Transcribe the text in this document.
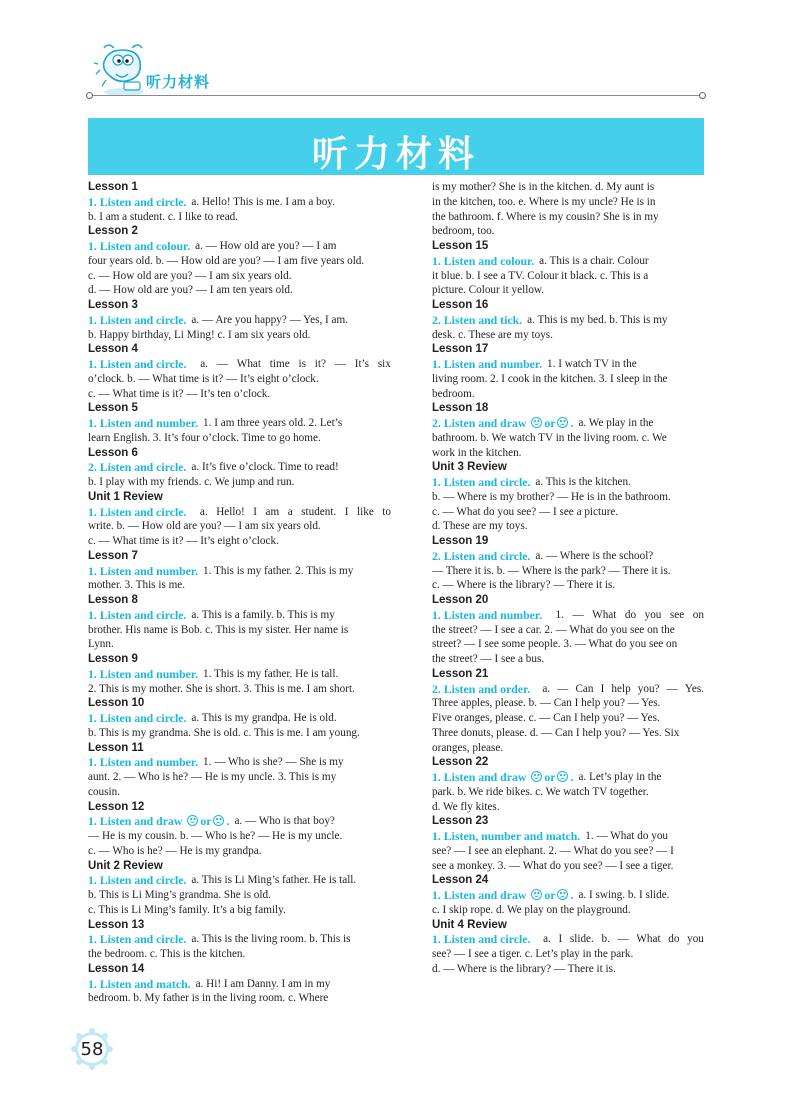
听力材料
听力材料
Lesson 1
1. Listen and circle. a. Hello! This is me. I am a boy.
b. I am a student. c. I like to read.
Lesson 2
1. Listen and colour. a. — How old are you? — I am
four years old. b. — How old are you? — I am five years old.
c. — How old are you? — I am six years old.
d. — How old are you? — I am ten years old.
Lesson 3
1. Listen and circle. a. — Are you happy? — Yes, I am.
b. Happy birthday, Li Ming! c. I am six years old.
Lesson 4
1. Listen and circle. a. — What time is it? — It’s six
o’clock. b. — What time is it? — It’s eight o’clock.
c. — What time is it? — It’s ten o’clock.
Lesson 5
1. Listen and number. 1. I am three years old. 2. Let’s
learn English. 3. It’s four o’clock. Time to go home.
Lesson 6
2. Listen and circle. a. It’s five o’clock. Time to read!
b. I play with my friends. c. We jump and run.
Unit 1 Review
1. Listen and circle. a. Hello! I am a student. I like to
write. b. — How old are you? — I am six years old.
c. — What time is it? — It’s eight o’clock.
Lesson 7
1. Listen and number. 1. This is my father. 2. This is my
mother. 3. This is me.
Lesson 8
1. Listen and circle. a. This is a family. b. This is my
brother. His name is Bob. c. This is my sister. Her name is
Lynn.
Lesson 9
1. Listen and number. 1. This is my father. He is tall.
2. This is my mother. She is short. 3. This is me. I am short.
Lesson 10
1. Listen and circle. a. This is my grandpa. He is old.
b. This is my grandma. She is old. c. This is me. I am young.
Lesson 11
1. Listen and number. 1. — Who is she? — She is my
aunt. 2. — Who is he? — He is my uncle. 3. This is my
cousin.
Lesson 12
1. Listen and draw or. a. — Who is that boy?
— He is my cousin. b. — Who is he? — He is my uncle.
c. — Who is he? — He is my grandpa.
Unit 2 Review
1. Listen and circle. a. This is Li Ming’s father. He is tall.
b. This is Li Ming’s grandma. She is old.
c. This is Li Ming’s family. It’s a big family.
Lesson 13
1. Listen and circle. a. This is the living room. b. This is
the bedroom. c. This is the kitchen.
Lesson 14
1. Listen and match. a. Hi! I am Danny. I am in my
bedroom. b. My father is in the living room. c. Where
is my mother? She is in the kitchen. d. My aunt is
in the kitchen, too. e. Where is my uncle? He is in
the bathroom. f. Where is my cousin? She is in my
bedroom, too.
Lesson 15
1. Listen and colour. a. This is a chair. Colour
it blue. b. I see a TV. Colour it black. c. This is a
picture. Colour it yellow.
Lesson 16
2. Listen and tick. a. This is my bed. b. This is my
desk. c. These are my toys.
Lesson 17
1. Listen and number. 1. I watch TV in the
living room. 2. I cook in the kitchen. 3. I sleep in the
bedroom.
Lesson 18
2. Listen and draw or. a. We play in the
bathroom. b. We watch TV in the living room. c. We
work in the kitchen.
Unit 3 Review
1. Listen and circle. a. This is the kitchen.
b. — Where is my brother? — He is in the bathroom.
c. — What do you see? — I see a picture.
d. These are my toys.
Lesson 19
2. Listen and circle. a. — Where is the school?
— There it is. b. — Where is the park? — There it is.
c. — Where is the library? — There it is.
Lesson 20
1. Listen and number. 1. — What do you see on
the street? — I see a car. 2. — What do you see on the
street? — I see some people. 3. — What do you see on
the street? — I see a bus.
Lesson 21
2. Listen and order. a. — Can I help you? — Yes.
Three apples, please. b. — Can I help you? — Yes.
Five oranges, please. c. — Can I help you? — Yes.
Three donuts, please. d. — Can I help you? — Yes. Six
oranges, please.
Lesson 22
1. Listen and draw or. a. Let’s play in the
park. b. We ride bikes. c. We watch TV together.
d. We fly kites.
Lesson 23
1. Listen, number and match. 1. — What do you
see? — I see an elephant. 2. — What do you see? — I
see a monkey. 3. — What do you see? — I see a tiger.
Lesson 24
1. Listen and draw or. a. I swing. b. I slide.
c. I skip rope. d. We play on the playground.
Unit 4 Review
1. Listen and circle. a. I slide. b. — What do you
see? — I see a tiger. c. Let’s play in the park.
d. — Where is the library? — There it is.
58
